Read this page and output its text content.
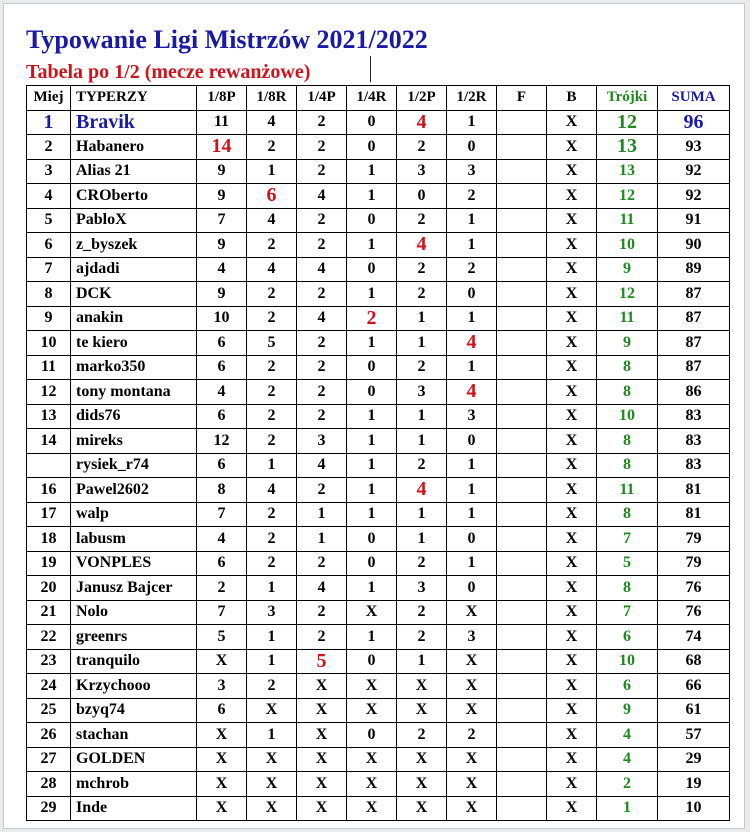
Typowanie Ligi Mistrzów 2021/2022
Tabela po 1/2 (mecze rewanżowe)
Miej	TYPERZY	1/8P	1/8R	1/4P	1/4R	1/2P	1/2R	F	B	Trójki	SUMA
1	Bravik	11	4	2	0	4	1		X	12	96
2	Habanero	14	2	2	0	2	0		X	13	93
3	Alias 21	9	1	2	1	3	3		X	13	92
4	CROberto	9	6	4	1	0	2		X	12	92
5	PabloX	7	4	2	0	2	1		X	11	91
6	z_byszek	9	2	2	1	4	1		X	10	90
7	ajdadi	4	4	4	0	2	2		X	9	89
8	DCK	9	2	2	1	2	0		X	12	87
9	anakin	10	2	4	2	1	1		X	11	87
10	te kiero	6	5	2	1	1	4		X	9	87
11	marko350	6	2	2	0	2	1		X	8	87
12	tony montana	4	2	2	0	3	4		X	8	86
13	dids76	6	2	2	1	1	3		X	10	83
14	mireks	12	2	3	1	1	0		X	8	83
	rysiek_r74	6	1	4	1	2	1		X	8	83
16	Pawel2602	8	4	2	1	4	1		X	11	81
17	walp	7	2	1	1	1	1		X	8	81
18	labusm	4	2	1	0	1	0		X	7	79
19	VONPLES	6	2	2	0	2	1		X	5	79
20	Janusz Bajcer	2	1	4	1	3	0		X	8	76
21	Nolo	7	3	2	X	2	X		X	7	76
22	greenrs	5	1	2	1	2	3		X	6	74
23	tranquilo	X	1	5	0	1	X		X	10	68
24	Krzychooo	3	2	X	X	X	X		X	6	66
25	bzyq74	6	X	X	X	X	X		X	9	61
26	stachan	X	1	X	0	2	2		X	4	57
27	GOLDEN	X	X	X	X	X	X		X	4	29
28	mchrob	X	X	X	X	X	X		X	2	19
29	Inde	X	X	X	X	X	X		X	1	10
